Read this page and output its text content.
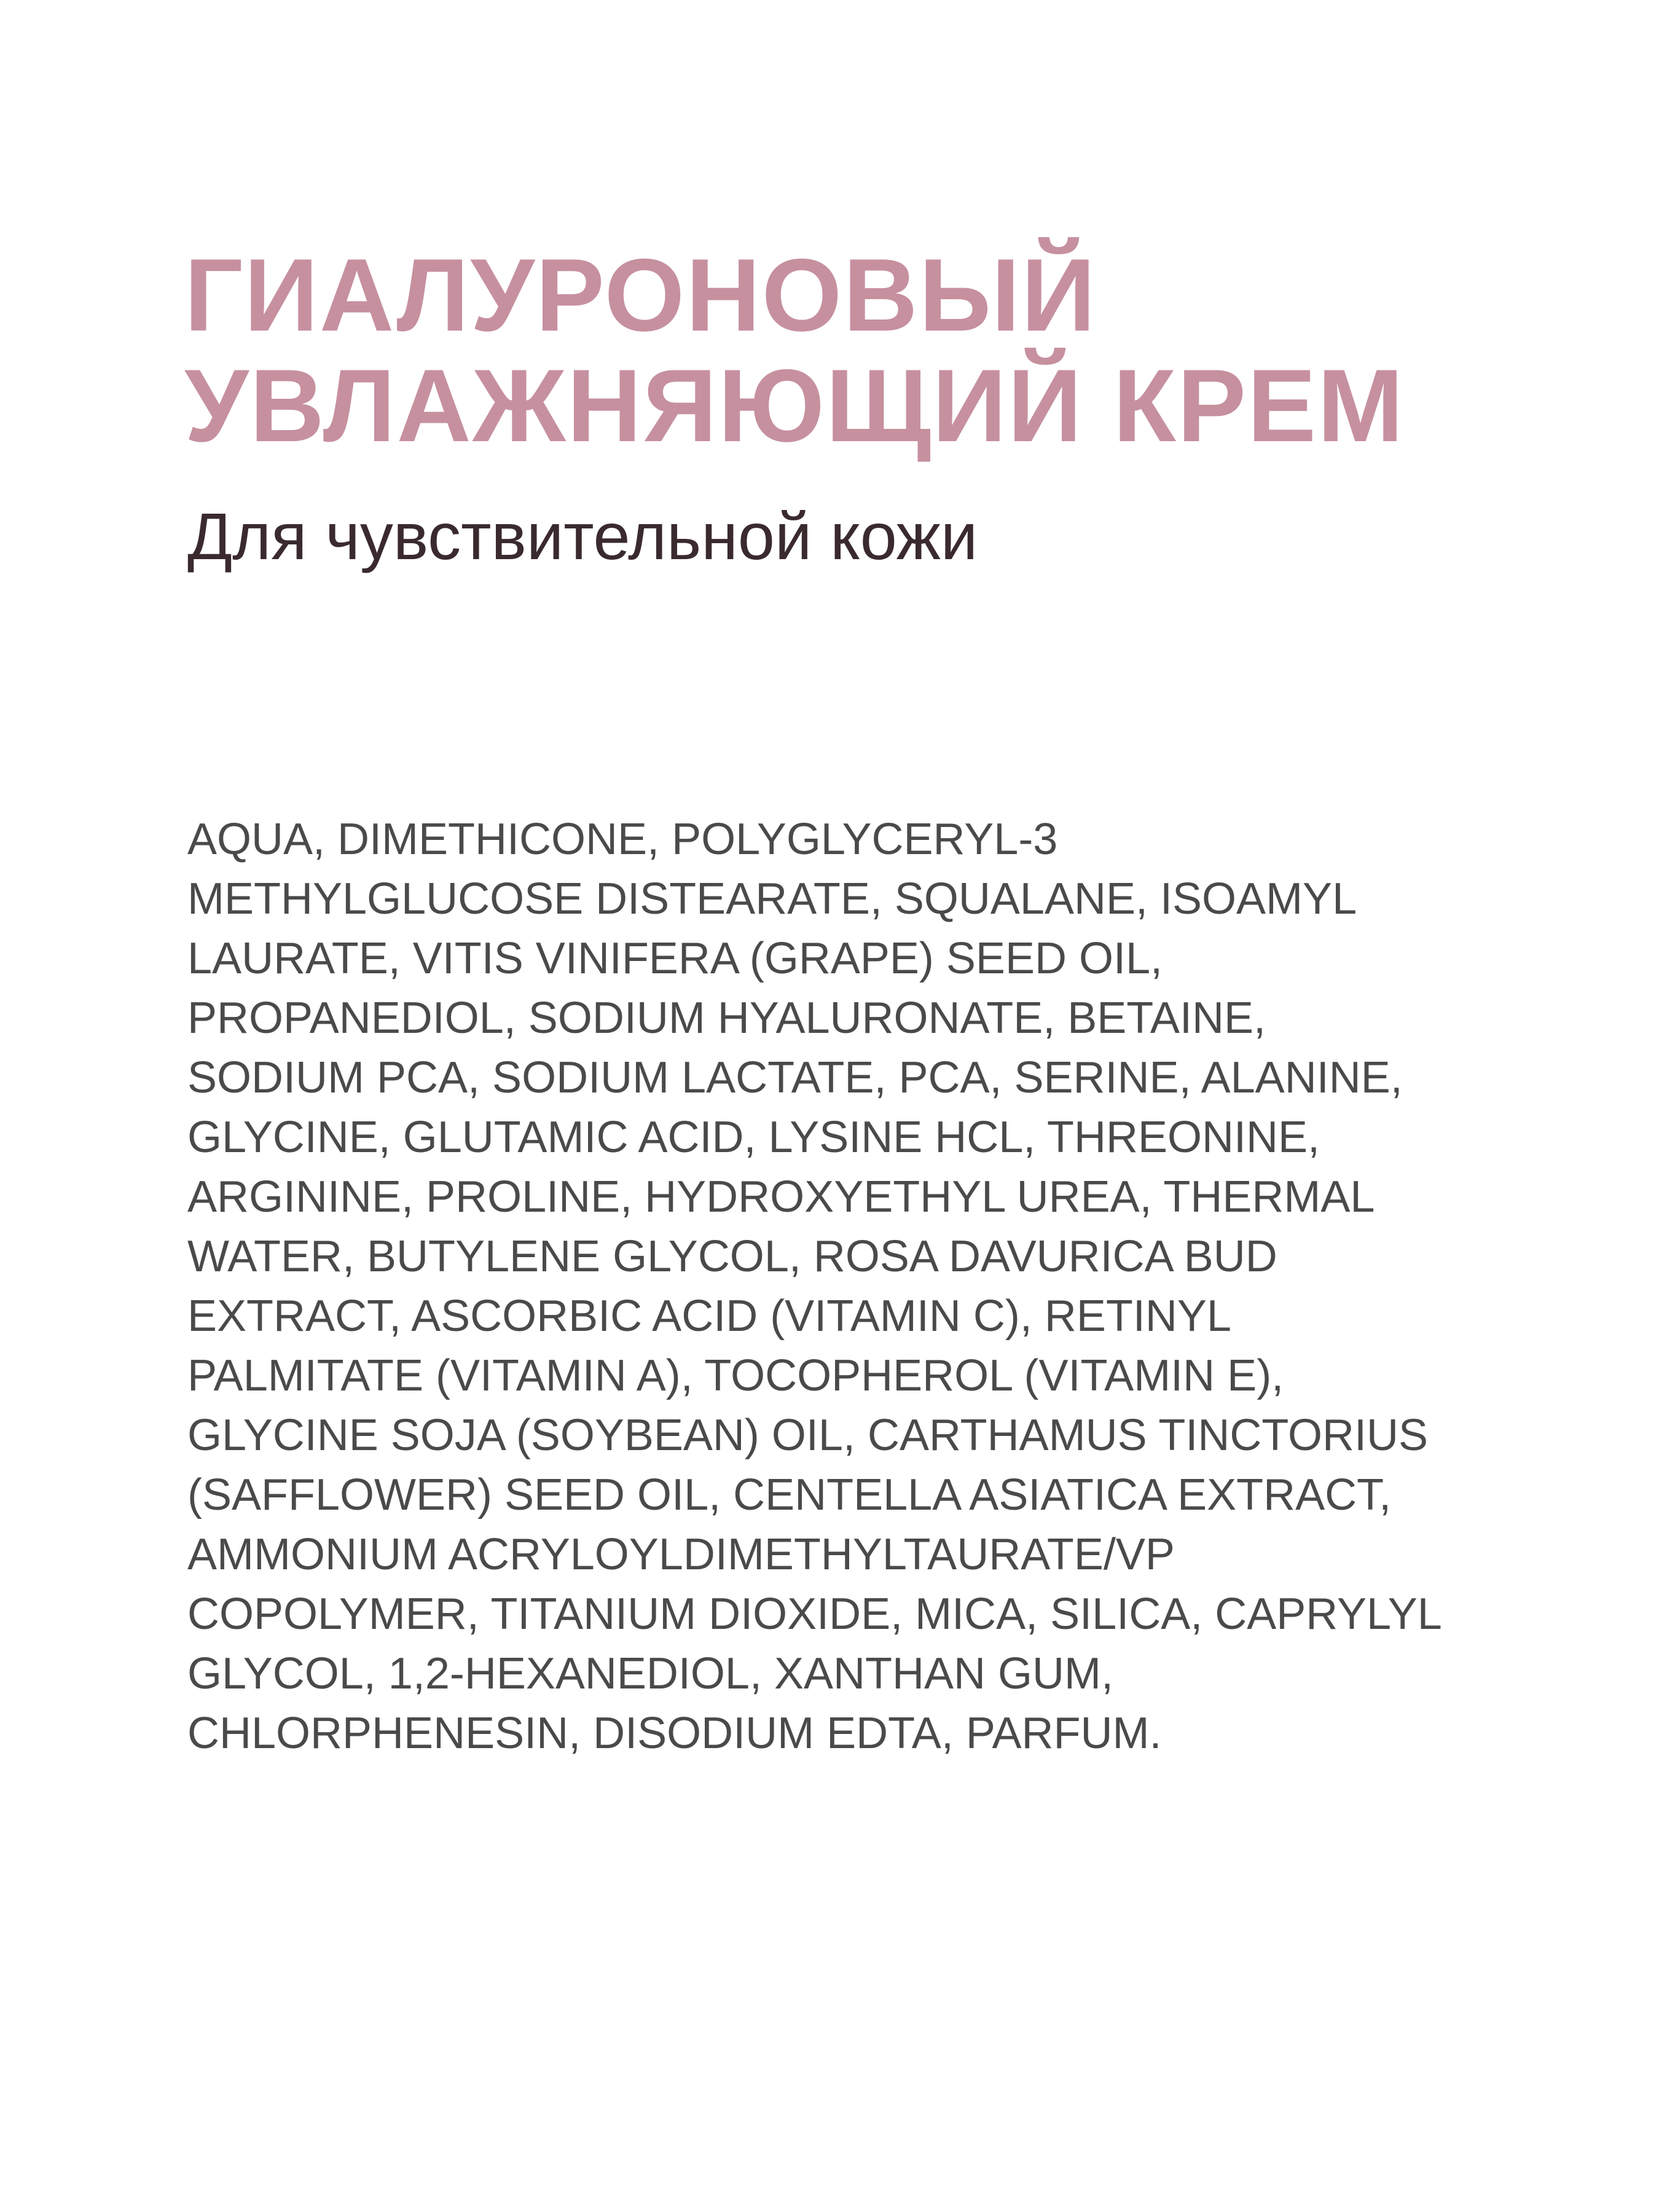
ГИАЛУРОНОВЫЙ
УВЛАЖНЯЮЩИЙ КРЕМ

Для чувствительной кожи

AQUA, DIMETHICONE, POLYGLYCERYL-3
METHYLGLUCOSE DISTEARATE, SQUALANE, ISOAMYL
LAURATE, VITIS VINIFERA (GRAPE) SEED OIL,
PROPANEDIOL, SODIUM HYALURONATE, BETAINE,
SODIUM PCA, SODIUM LACTATE, PCA, SERINE, ALANINE,
GLYCINE, GLUTAMIC ACID, LYSINE HCL, THREONINE,
ARGININE, PROLINE, HYDROXYETHYL UREA, THERMAL
WATER, BUTYLENE GLYCOL, ROSA DAVURICA BUD
EXTRACT, ASCORBIC ACID (VITAMIN C), RETINYL
PALMITATE (VITAMIN A), TOCOPHEROL (VITAMIN E),
GLYCINE SOJA (SOYBEAN) OIL, CARTHAMUS TINCTORIUS
(SAFFLOWER) SEED OIL, CENTELLA ASIATICA EXTRACT,
AMMONIUM ACRYLOYLDIMETHYLTAURATE/VP
COPOLYMER, TITANIUM DIOXIDE, MICA, SILICA, CAPRYLYL
GLYCOL, 1,2-HEXANEDIOL, XANTHAN GUM,
CHLORPHENESIN, DISODIUM EDTA, PARFUM.
